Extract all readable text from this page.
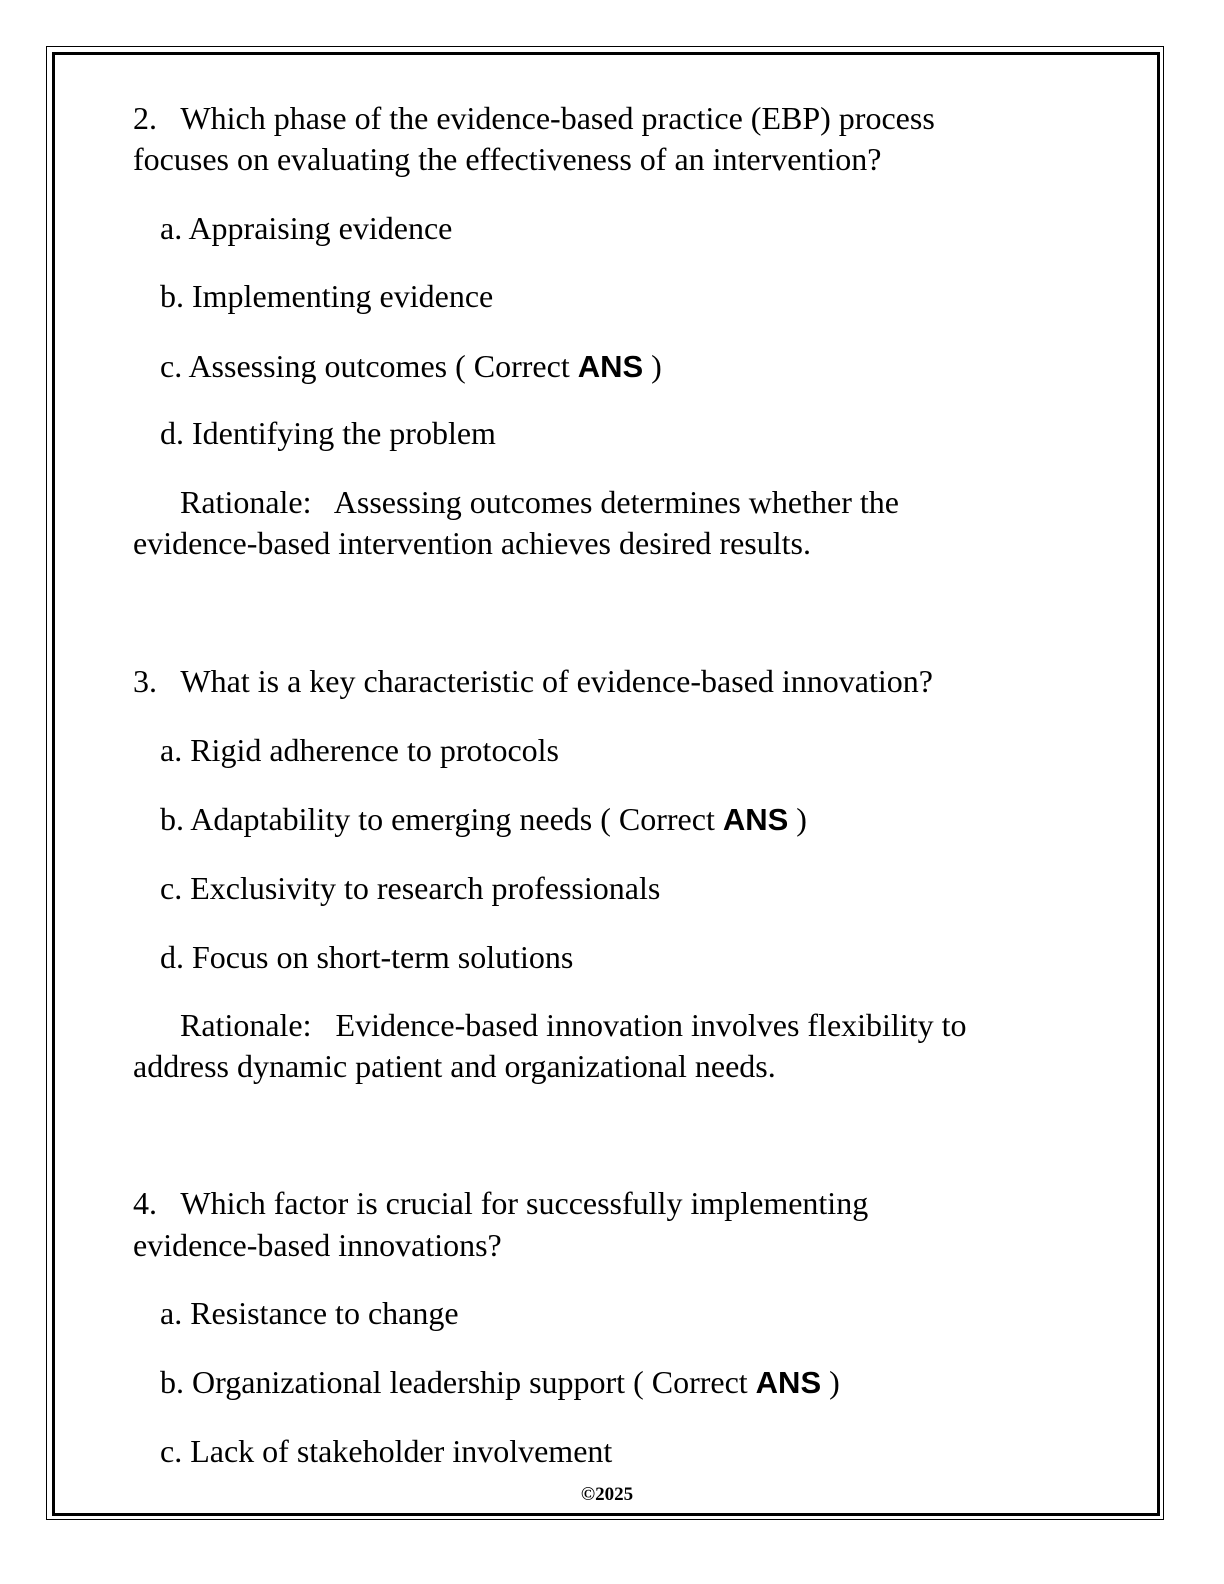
2. Which phase of the evidence-based practice (EBP) process
focuses on evaluating the effectiveness of an intervention?
a. Appraising evidence
b. Implementing evidence
c. Assessing outcomes ( Correct ANS )
d. Identifying the problem
Rationale: Assessing outcomes determines whether the
evidence-based intervention achieves desired results.
3. What is a key characteristic of evidence-based innovation?
a. Rigid adherence to protocols
b. Adaptability to emerging needs ( Correct ANS )
c. Exclusivity to research professionals
d. Focus on short-term solutions
Rationale: Evidence-based innovation involves flexibility to
address dynamic patient and organizational needs.
4. Which factor is crucial for successfully implementing
evidence-based innovations?
a. Resistance to change
b. Organizational leadership support ( Correct ANS )
c. Lack of stakeholder involvement
©2025
